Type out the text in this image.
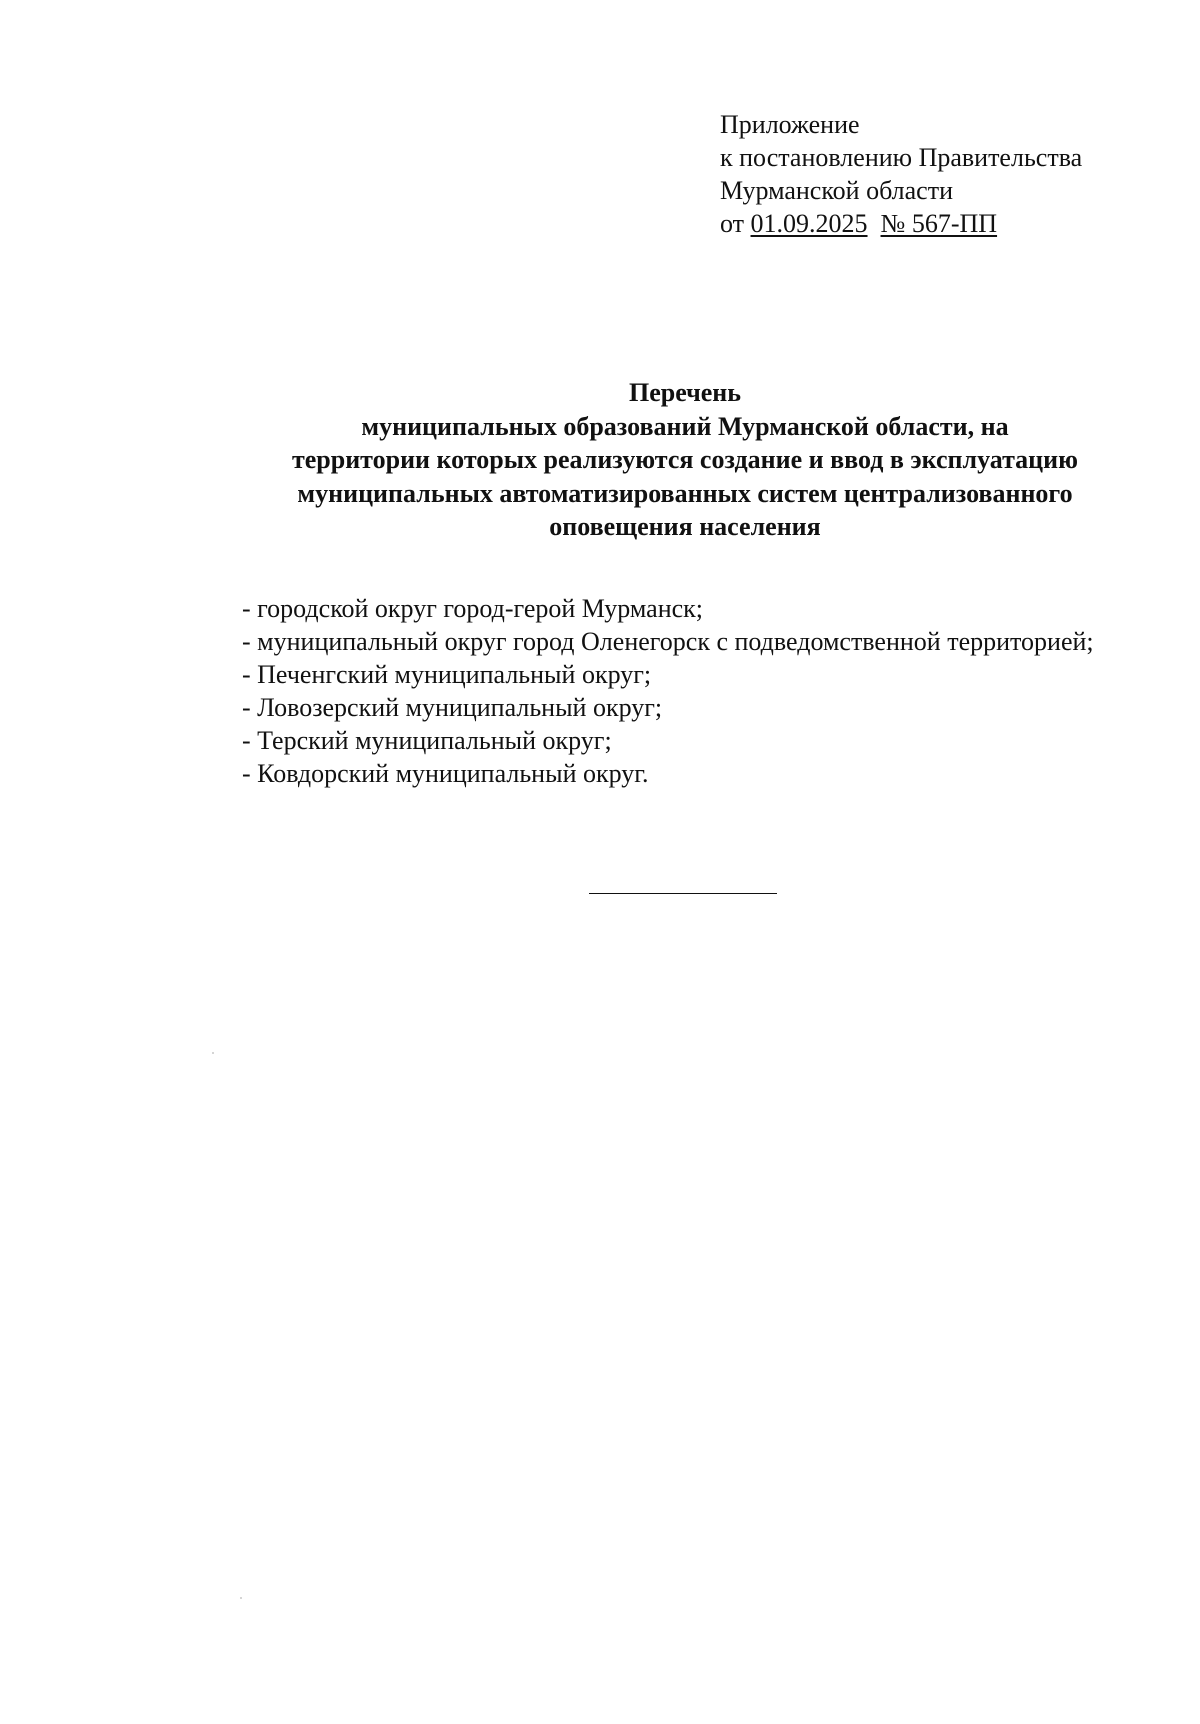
Приложение
к постановлению Правительства
Мурманской области
от 01.09.2025 № 567-ПП
Перечень
муниципальных образований Мурманской области, на
территории которых реализуются создание и ввод в эксплуатацию
муниципальных автоматизированных систем централизованного
оповещения населения
- городской округ город-герой Мурманск;
- муниципальный округ город Оленегорск с подведомственной территорией;
- Печенгский муниципальный округ;
- Ловозерский муниципальный округ;
- Терский муниципальный округ;
- Ковдорский муниципальный округ.
